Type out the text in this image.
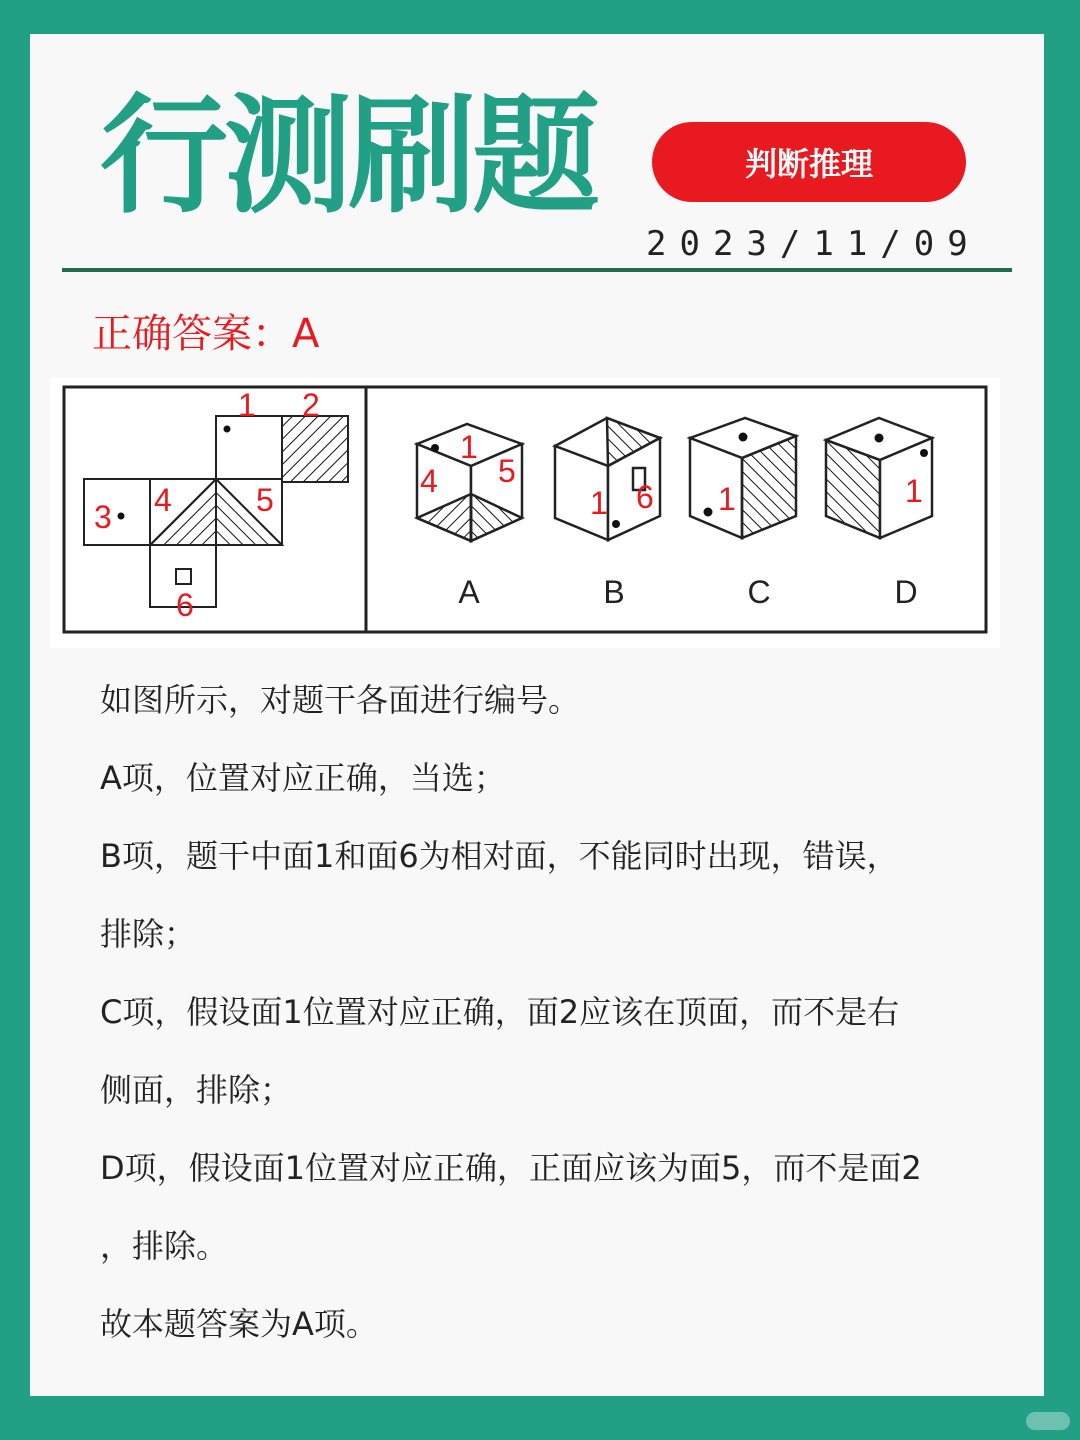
行测刷题	判断推理
2023/11/09
正确答案：A
1 2
3 4	5
6
1
4 5
1 6 1	1
A	B	C	D
如图所示，对题干各面进行编号。
A项，位置对应正确，当选；
B项，题干中面1和面6为相对面，不能同时出现，错误，
排除；
C项，假设面1位置对应正确，面2应该在顶面，而不是右
侧面，排除；
D项，假设面1位置对应正确，正面应该为面5，而不是面2
，排除。
故本题答案为A项。
